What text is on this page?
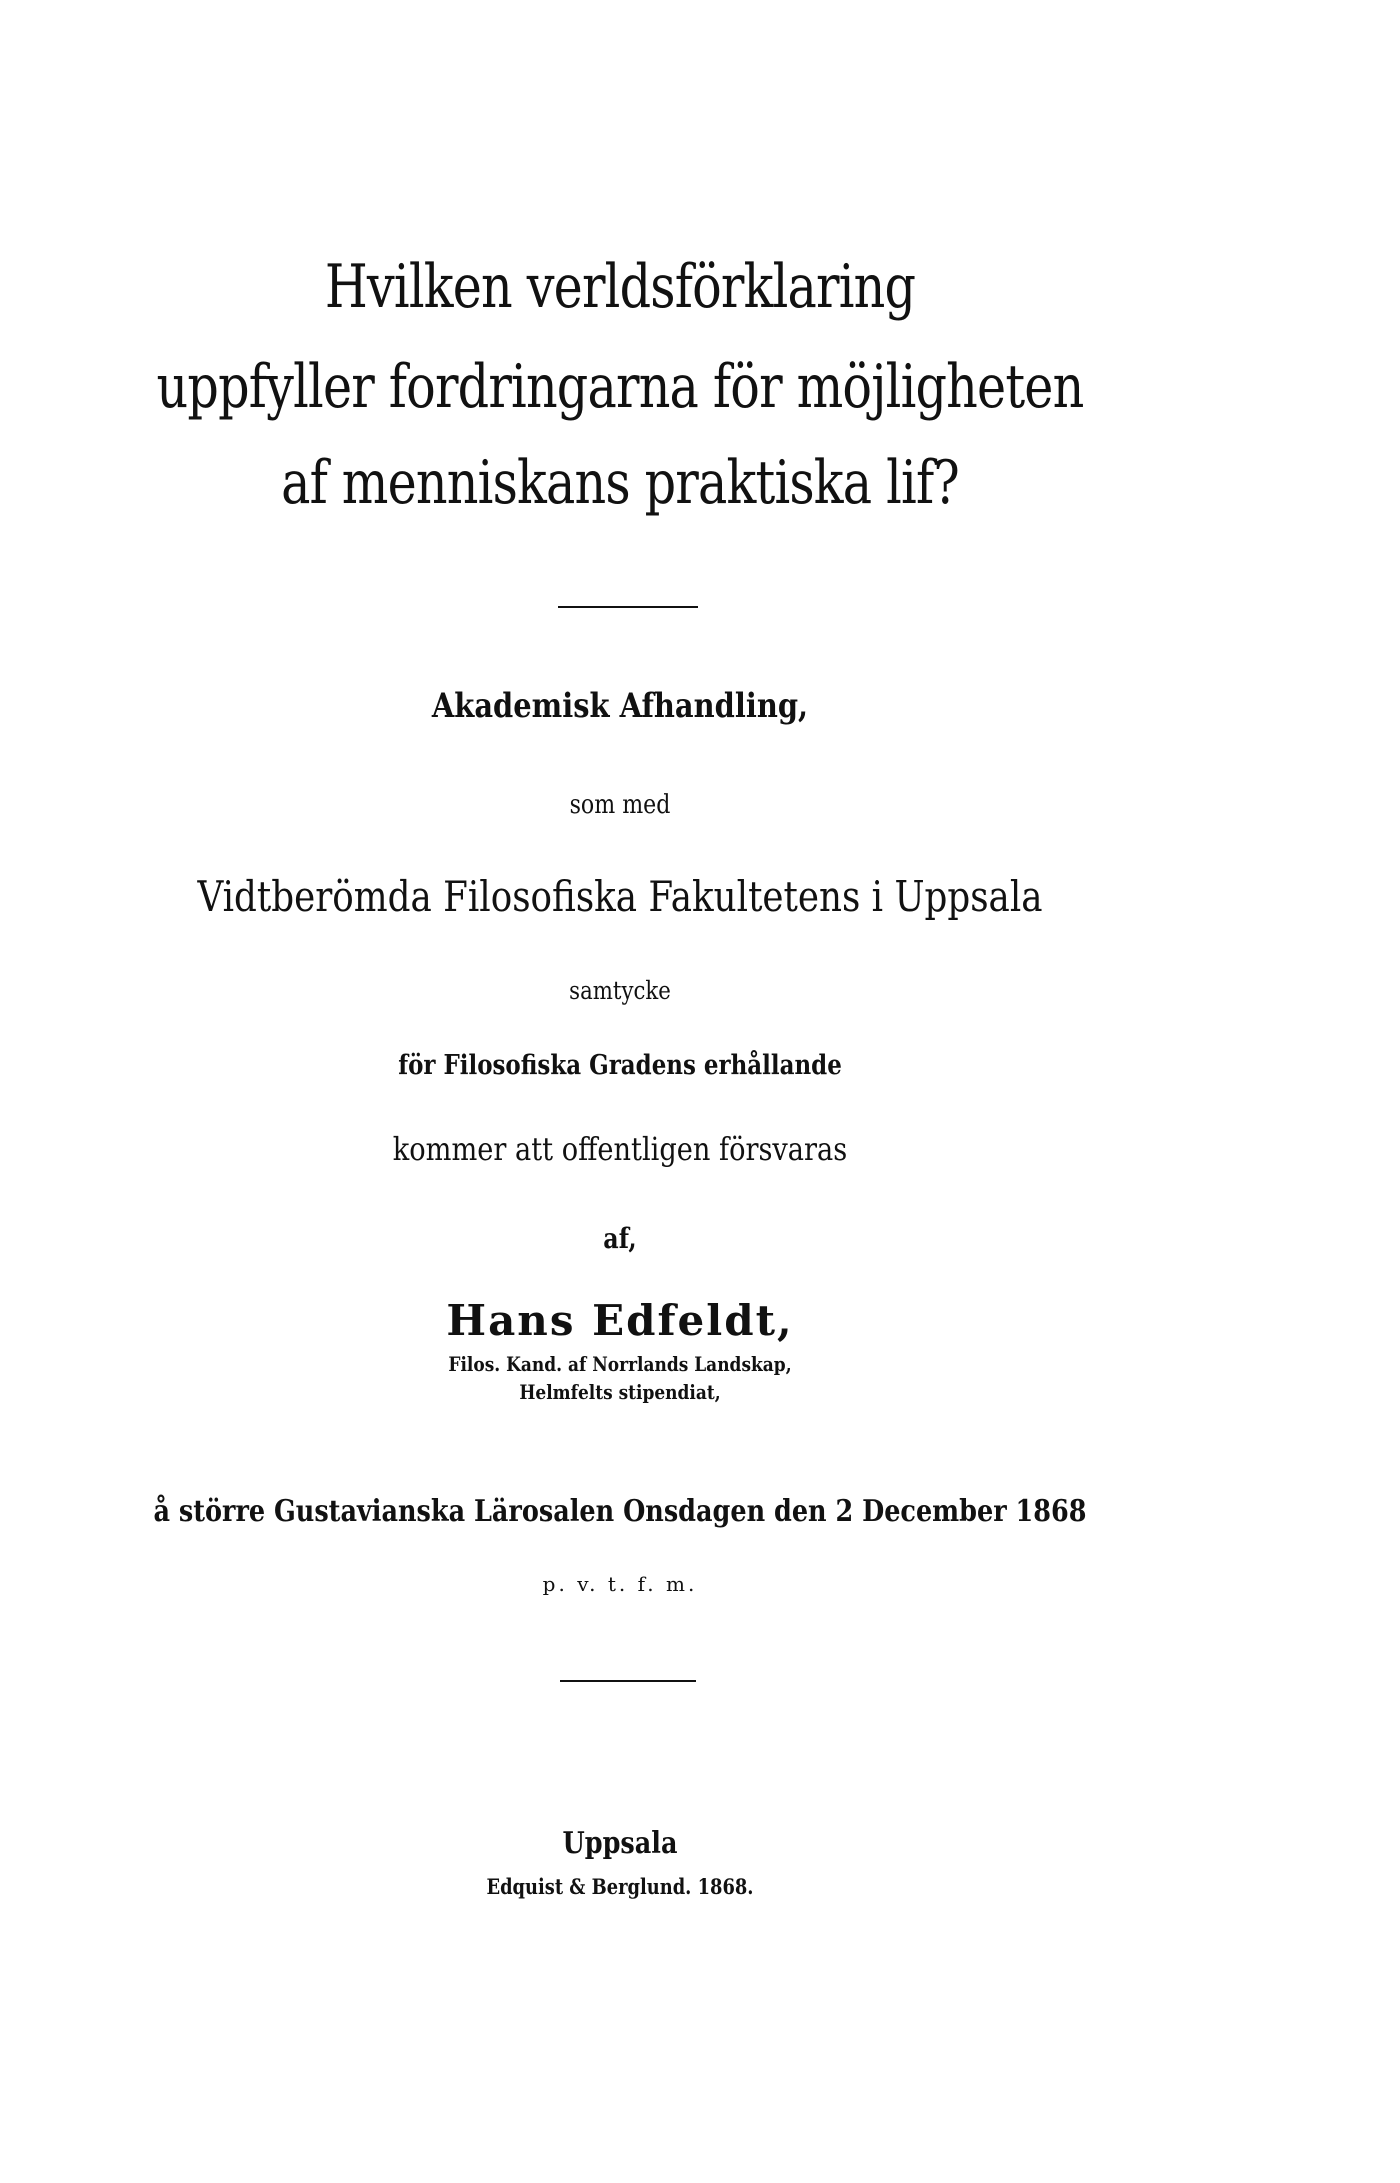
Hvilken verldsförklaring
uppfyller fordringarna för möjligheten
af menniskans praktiska lif?
Akademisk Afhandling,
som med
Vidtberömda Filosofiska Fakultetens i Uppsala
samtycke
för Filosofiska Gradens erhållande
kommer att offentligen försvaras
af,
Hans Edfeldt,
Filos. Kand. af Norrlands Landskap,
Helmfelts stipendiat,
å större Gustavianska Lärosalen Onsdagen den 2 December 1868
p. v. t. f. m.
Uppsala
Edquist & Berglund. 1868.
